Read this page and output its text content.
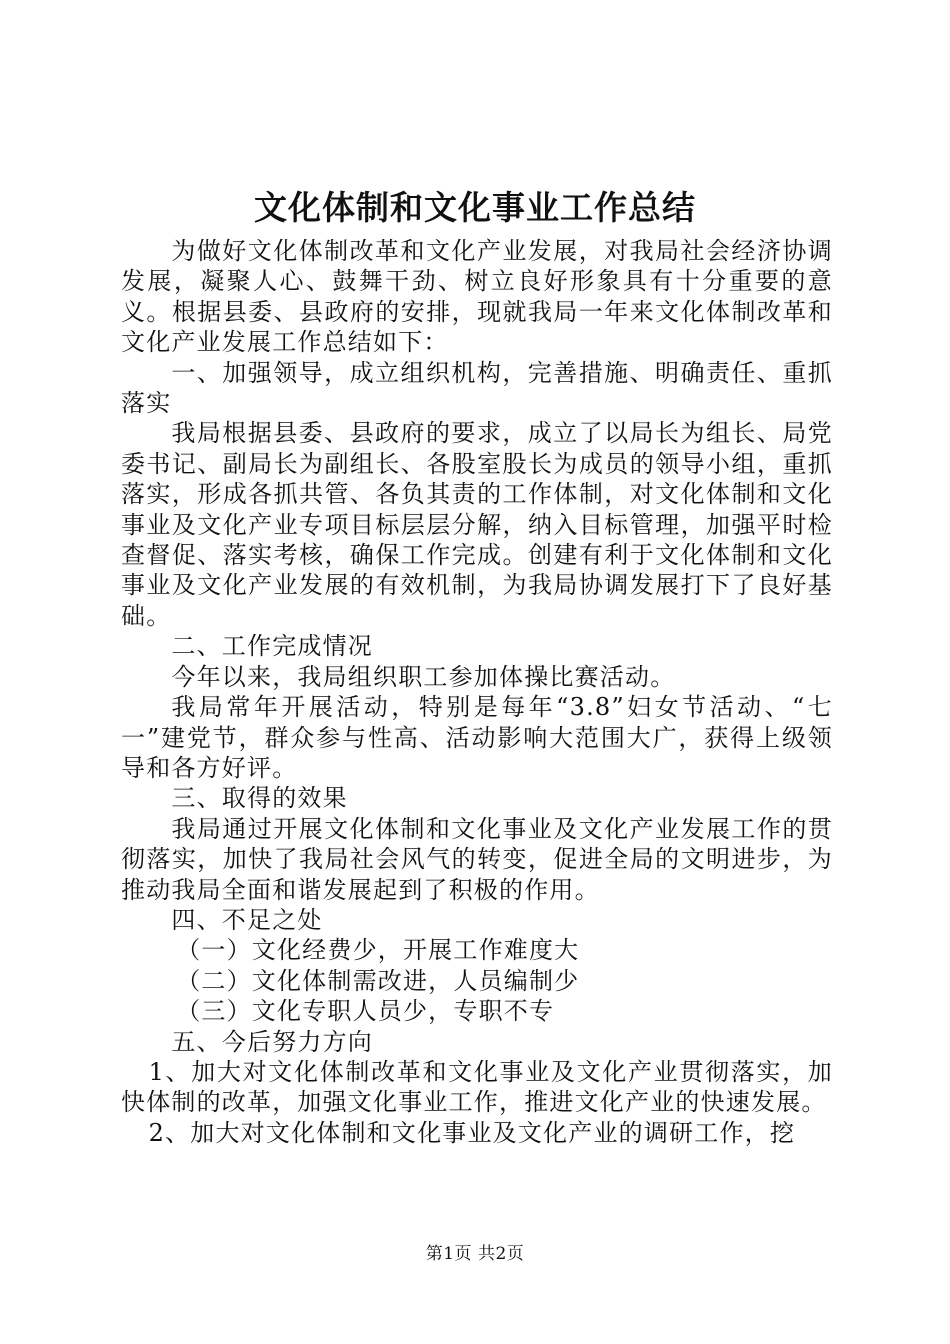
文化体制和文化事业工作总结

为做好文化体制改革和文化产业发展，对我局社会经济协调发展，凝聚人心、鼓舞干劲、树立良好形象具有十分重要的意义。根据县委、县政府的安排，现就我局一年来文化体制改革和文化产业发展工作总结如下：

一、加强领导，成立组织机构，完善措施、明确责任、重抓落实

我局根据县委、县政府的要求，成立了以局长为组长、局党委书记、副局长为副组长、各股室股长为成员的领导小组，重抓落实，形成各抓共管、各负其责的工作体制，对文化体制和文化事业及文化产业专项目标层层分解，纳入目标管理，加强平时检查督促、落实考核，确保工作完成。创建有利于文化体制和文化事业及文化产业发展的有效机制，为我局协调发展打下了良好基础。

二、工作完成情况

今年以来，我局组织职工参加体操比赛活动。

我局常年开展活动，特别是每年“3.8”妇女节活动、“七一”建党节，群众参与性高、活动影响大范围大广，获得上级领导和各方好评。

三、取得的效果

我局通过开展文化体制和文化事业及文化产业发展工作的贯彻落实，加快了我局社会风气的转变，促进全局的文明进步，为推动我局全面和谐发展起到了积极的作用。

四、不足之处

（一）文化经费少，开展工作难度大

（二）文化体制需改进，人员编制少

（三）文化专职人员少，专职不专

五、今后努力方向

1、加大对文化体制改革和文化事业及文化产业贯彻落实，加快体制的改革，加强文化事业工作，推进文化产业的快速发展。

2、加大对文化体制和文化事业及文化产业的调研工作，挖

第1页 共2页
